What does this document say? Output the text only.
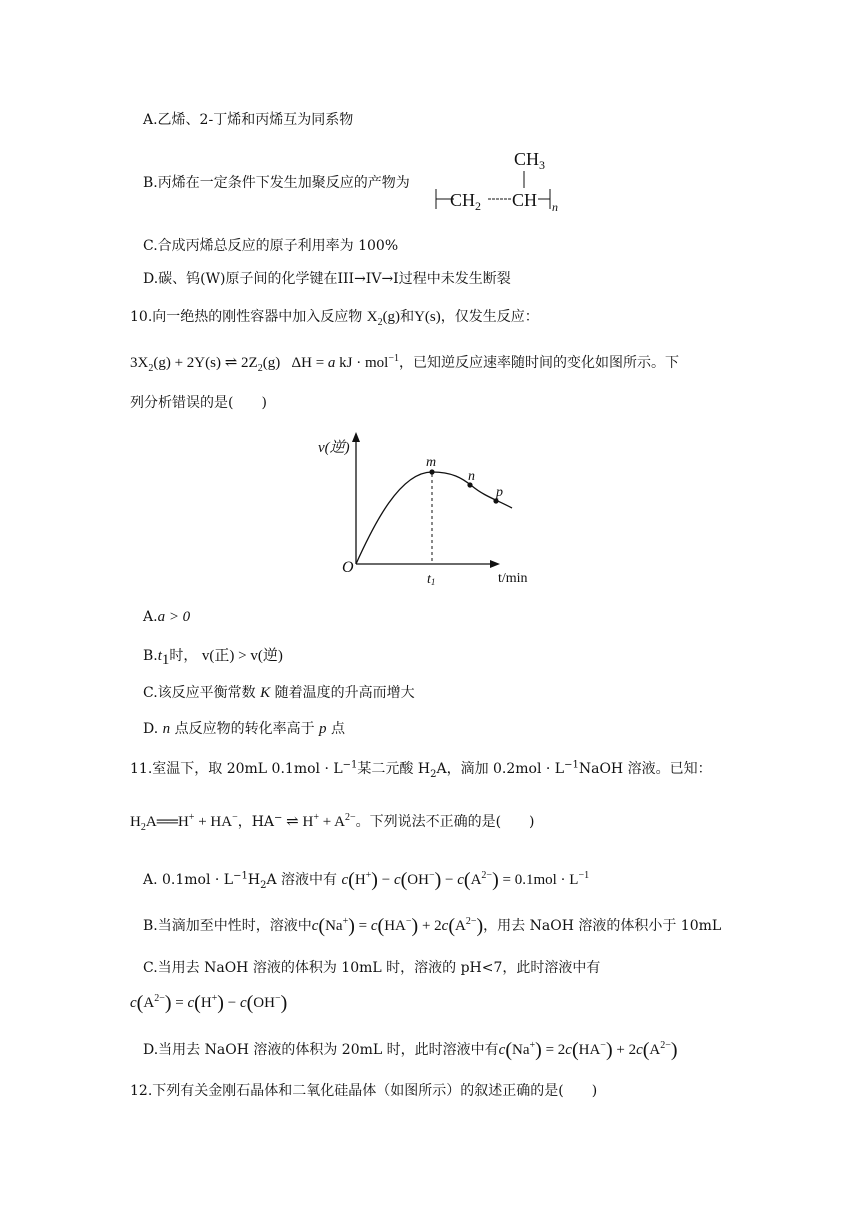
A.乙烯、2-丁烯和丙烯互为同系物
B.丙烯在一定条件下发生加聚反应的产物为
$CH_3$
$CH_2$ CH n
C.合成丙烯总反应的原子利用率为 100%
D.碳、钨(W)原子间的化学键在III→IV→I过程中未发生断裂
10.向一绝热的刚性容器中加入反应物 $X_2(g)$和Y(s)，仅发生反应：
$3X_2(g) + 2Y(s)$ ⇌ $2Z_2(g) \Delta H = a$ kJ · mol$^{-1}$，已知逆反应速率随时间的变化如图所示。下
列分析错误的是(　　)
v(逆)
O
t1	t/min
m
n
p
A.a > 0
$B.t_1$时， v(正) > v(逆)
C.该反应平衡常数 K 随着温度的升高而增大
D. n 点反应物的转化率高于 p 点
11.室温下，取 20mL $0.1mol \cdot L^{-1}$某二元酸 $H_2A$，滴加 $0.2mol \cdot L^{-1}NaOH$ 溶液。已知：
$H_2A══H^+ + HA^-$，HA− ⇌ $H^+ + A^{2-}$。下列说法不正确的是(　　)
A. $0.1mol \cdot L^{-1}H_2A$ 溶液中有 $c(H^+) - c(OH^-) - c(A^{2-}) = 0.1mol \cdot L^{-1}$
B.当滴加至中性时，溶液中$c(Na^+) = c(HA^-) + 2c(A^{2-})$，用去 NaOH 溶液的体积小于 10mL
C.当用去 NaOH 溶液的体积为 10mL 时，溶液的 pH<7，此时溶液中有
$c(A^{2-}) = c(H^+) - c(OH^-)$
D.当用去 NaOH 溶液的体积为 20mL 时，此时溶液中有$c(Na^+) = 2c(HA^-) + 2c(A^{2-})$
12.下列有关金刚石晶体和二氧化硅晶体（如图所示）的叙述正确的是(　　)
